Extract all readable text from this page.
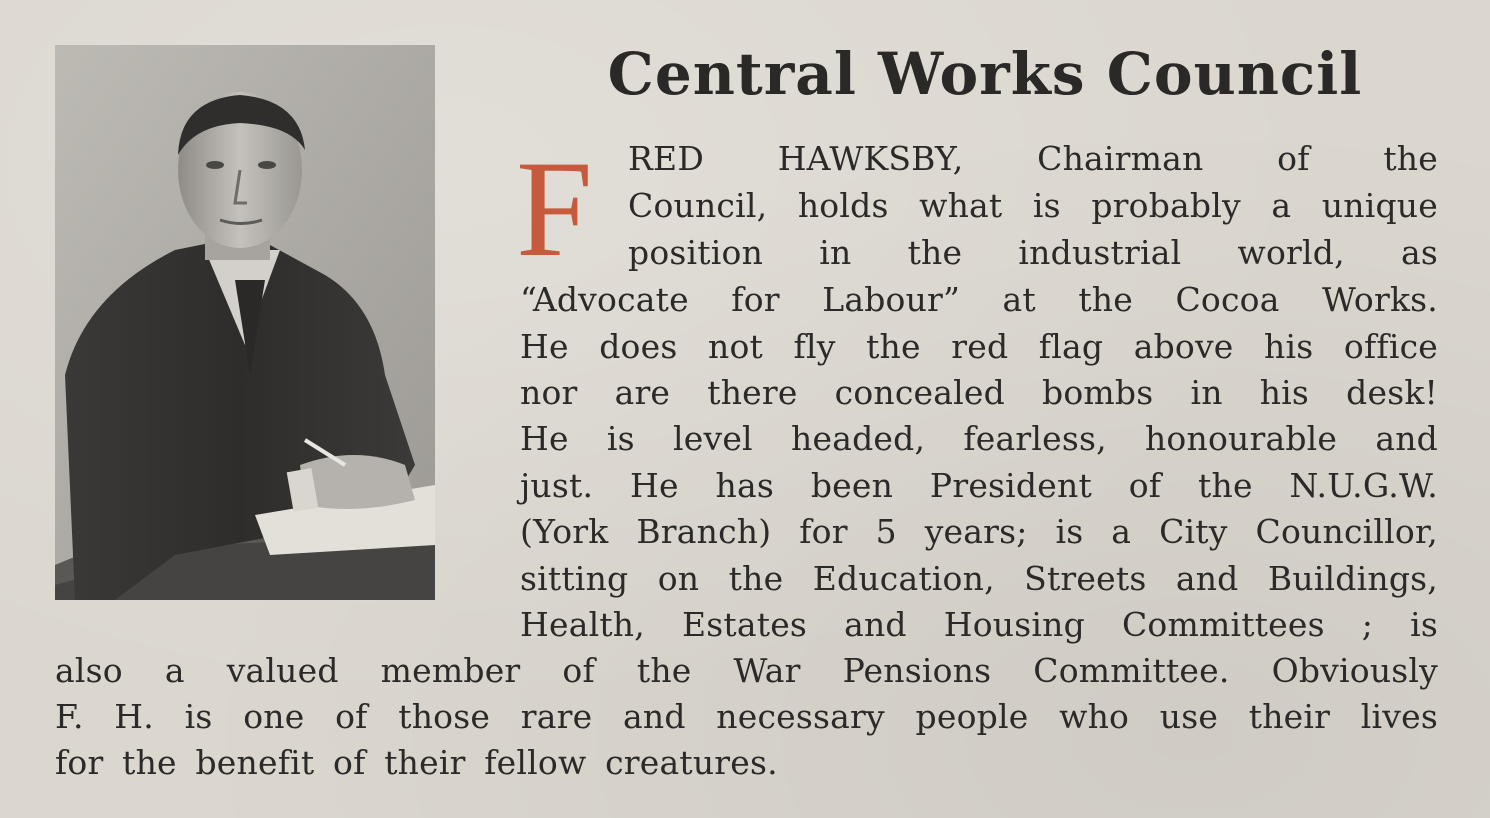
Central Works Council
F RED HAWKSBY, Chairman of the
Council, holds what is probably a unique
position in the industrial world, as
“Advocate for Labour” at the Cocoa Works.
He does not fly the red flag above his office
nor are there concealed bombs in his desk!
He is level headed, fearless, honourable and
just. He has been President of the N.U.G.W.
(York Branch) for 5 years; is a City Councillor,
sitting on the Education, Streets and Buildings,
Health, Estates and Housing Committees ; is
also a valued member of the War Pensions Committee. Obviously
F. H. is one of those rare and necessary people who use their lives
for the benefit of their fellow creatures.
